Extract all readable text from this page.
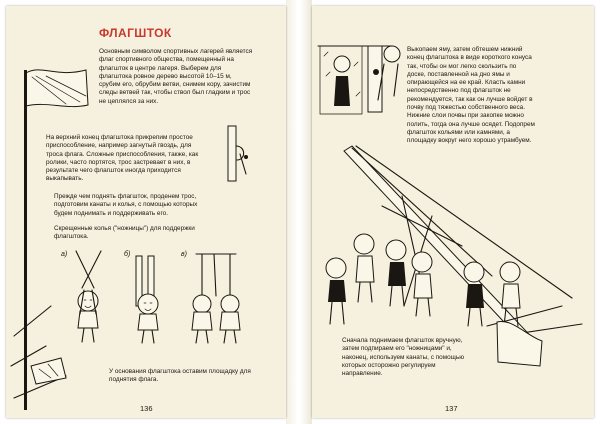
ФЛАГШТОК

Основным символом спортивных лагерей является
флаг спортивного общества, помещенный на
флагшток в центре лагеря. Выберем для
флагштока ровное дерево высотой 10–15 м,
срубим его, обрубим ветви, снимем кору, зачистим
следы ветвей так, чтобы ствол был гладким и трос
не цеплялся за них.

На верхний конец флагштока прикрепим простое
приспособление, например загнутый гвоздь, для
троса флага. Сложные приспособления, также, как
ролики, часто портятся, трос застревает в них, в
результате чего флагшток иногда приходится
выкапывать.

Прежде чем поднять флагшток, проденем трос,
подготовим канаты и колья, с помощью которых
будем поднимать и поддерживать его.

Скрещенные колья ("ножницы") для поддержки
флагштока.

а)	б)	в)

У основания флагштока оставим площадку для
поднятия флага.

136

Выкопаем яму, затем обтешем нижний
конец флагштока в виде короткого конуса
так, чтобы он мог легко скользить по
доске, поставленной на дно ямы и
опирающейся на ее край. Класть камни
непосредственно под флагшток не
рекомендуется, так как он лучше войдет в
почву под тяжестью собственного веса.
Нижние слои почвы при закопке можно
полить, тогда она лучше осядет. Подопрем
флагшток кольями или камнями, а
площадку вокруг него хорошо утрамбуем.

Сначала поднимаем флагшток вручную,
затем подпираем его "ножницами" и,
наконец, используем канаты, с помощью
которых осторожно регулируем
направление.

137
